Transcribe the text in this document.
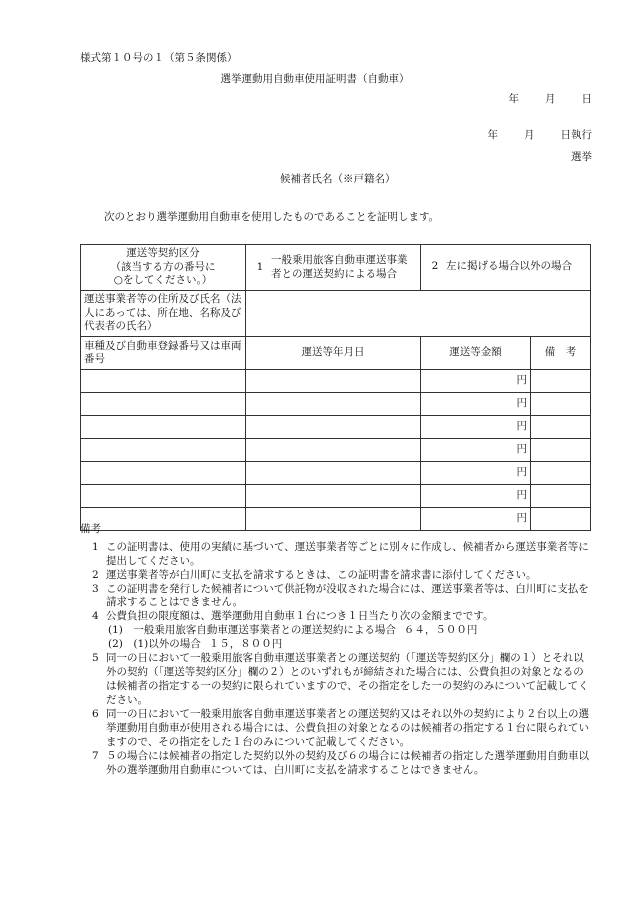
様式第１０号の１（第５条関係）
選挙運動用自動車使用証明書（自動車）
年 月 日
年 月 日執行
選挙
候補者氏名（※戸籍名）
次のとおり選挙運動用自動車を使用したものであることを証明します。
運送等契約区分
（該当する方の番号に
○をしてください。）	1一般乗用旅客自動車運送事業者との運送契約による場合	2 左に掲げる場合以外の場合	
運送事業者等の住所及び氏名（法人にあっては、所在地、名称及び代表者の氏名）			
車種及び自動車登録番号又は車両番号	運送等年月日	運送等金額	備　考
		円	
		円	
		円	
		円	
		円	
		円	
		円	
備考
1 この証明書は、使用の実績に基づいて、運送事業者等ごとに別々に作成し、候補者から運送事業者等に提出してください。
2 運送事業者等が白川町に支払を請求するときは、この証明書を請求書に添付してください。
3 この証明書を発行した候補者について供託物が没収された場合には、運送事業者等は、白川町に支払を請求することはできません。
4 公費負担の限度額は、選挙運動用自動車１台につき１日当たり次の金額までです。
(1)　一般乗用旅客自動車運送事業者との運送契約による場合 ６４，５００円
(2)　(1)以外の場合 １５，８００円
5 同一の日において一般乗用旅客自動車運送事業者との運送契約（「運送等契約区分」欄の１）とそれ以外の契約（「運送等契約区分」欄の２）とのいずれもが締結された場合には、公費負担の対象となるのは候補者の指定する一の契約に限られていますので、その指定をした一の契約のみについて記載してください。
6 同一の日において一般乗用旅客自動車運送事業者との運送契約又はそれ以外の契約により２台以上の選挙運動用自動車が使用される場合には、公費負担の対象となるのは候補者の指定する１台に限られていますので、その指定をした１台のみについて記載してください。
7 ５の場合には候補者の指定した契約以外の契約及び６の場合には候補者の指定した選挙運動用自動車以外の選挙運動用自動車については、白川町に支払を請求することはできません。
